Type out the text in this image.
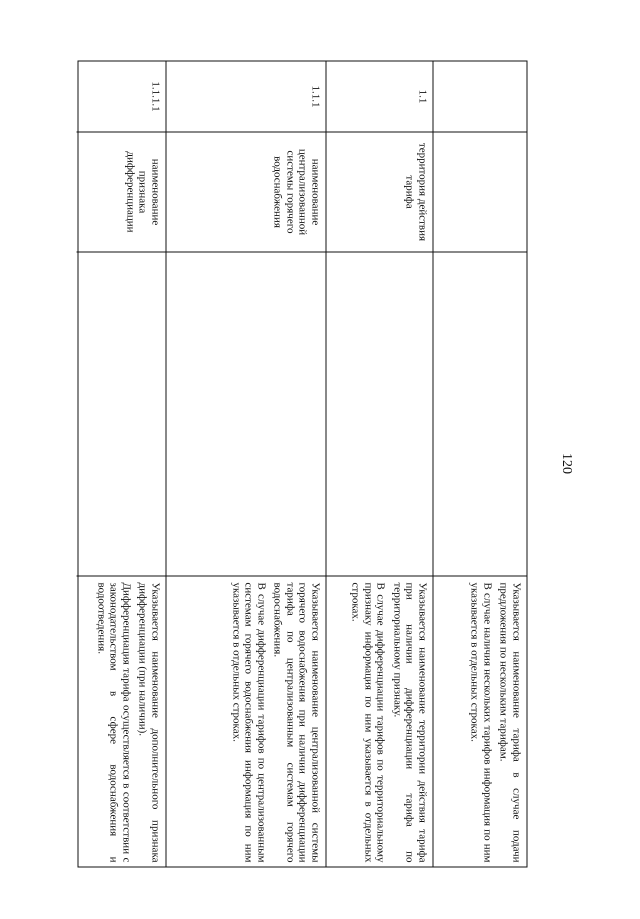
120

Указывается наименование тарифа в случае подачи предложения по нескольким тарифам.

В случае наличия нескольких тарифов информация по ним указывается в отдельных строках.

1.1
территория действия тарифа

Указывается наименование территории действия тарифа при наличии дифференциации тарифа по территориальному признаку.

В случае дифференциации тарифов по территориальному признаку информация по ним указывается в отдельных строках.

1.1.1
наименование централизованной системы горячего водоснабжения

Указывается наименование централизованной системы горячего водоснабжения при наличии дифференциации тарифа по централизованным системам горячего водоснабжения.

В случае дифференциации тарифов по централизованным системам горячего водоснабжения информация по ним указывается в отдельных строках.

1.1.1.1
наименование признака дифференциации

Указывается наименование дополнительного признака дифференциации (при наличии).

Дифференциация тарифа осуществляется в соответствии с законодательством в сфере водоснабжения и водоотведения.
